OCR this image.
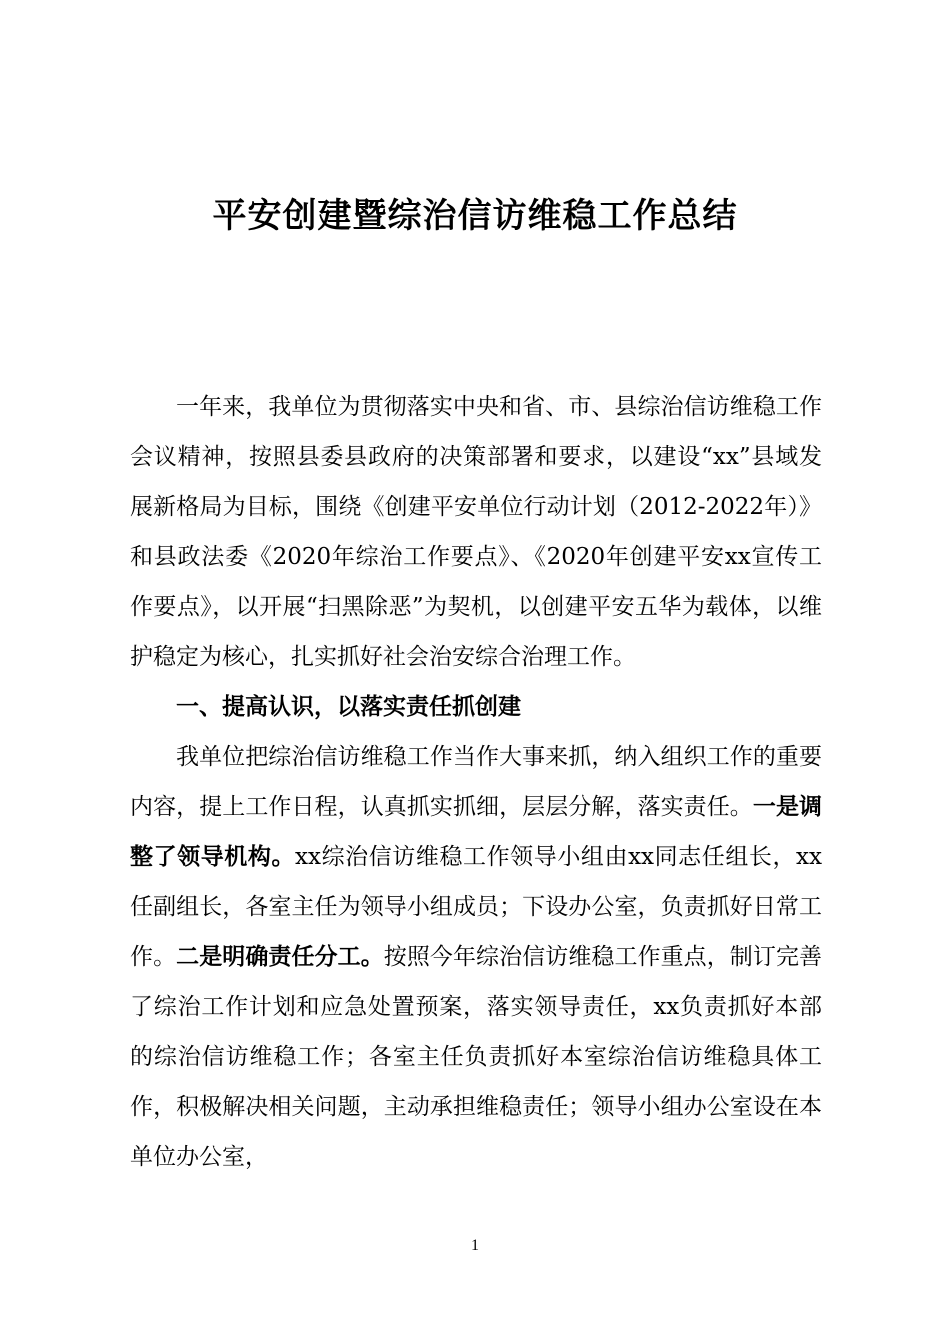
平安创建暨综治信访维稳工作总结

一年来，我单位为贯彻落实中央和省、市、县综治信访维稳工作会议精神，按照县委县政府的决策部署和要求，以建设“xx”县域发展新格局为目标，围绕《创建平安单位行动计划（2012-2022年）》和县政法委《2020年综治工作要点》、《2020年创建平安xx宣传工作要点》，以开展“扫黑除恶”为契机，以创建平安五华为载体，以维护稳定为核心，扎实抓好社会治安综合治理工作。

一、提高认识，以落实责任抓创建

我单位把综治信访维稳工作当作大事来抓，纳入组织工作的重要内容，提上工作日程，认真抓实抓细，层层分解，落实责任。一是调整了领导机构。xx综治信访维稳工作领导小组由xx同志任组长，xx任副组长，各室主任为领导小组成员；下设办公室，负责抓好日常工作。二是明确责任分工。按照今年综治信访维稳工作重点，制订完善了综治工作计划和应急处置预案，落实领导责任，xx负责抓好本部的综治信访维稳工作；各室主任负责抓好本室综治信访维稳具体工作，积极解决相关问题，主动承担维稳责任；领导小组办公室设在本单位办公室，

1
